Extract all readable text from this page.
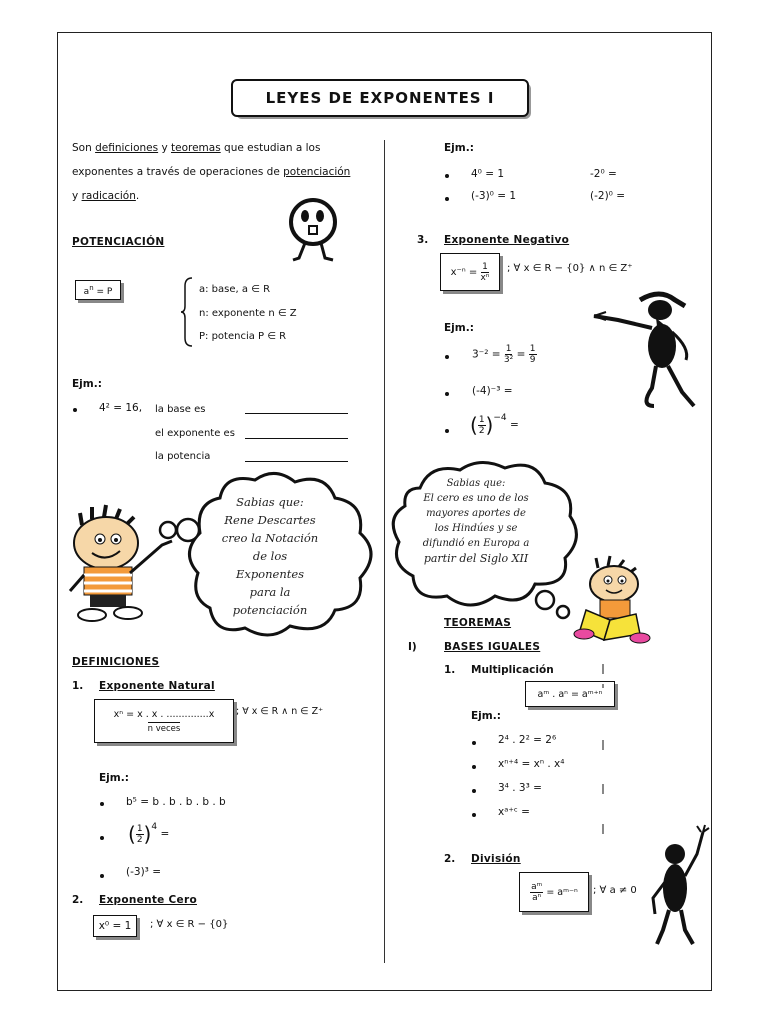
LEYES DE EXPONENTES I
Son definiciones y teoremas que estudian a los
exponentes a través de operaciones de potenciación
y radicación.
POTENCIACIÓN
$a^n = P$	a: base, a ∈ R
n: exponente n ∈ Z
P: potencia P ∈ R
Ejm.:
4² = 16, la base es
el exponente es
la potencia
Sabias que:
Rene Descartes
creo la Notación
de los
Exponentes
para la
DEFINICIONES
1. Exponente Natural
xⁿ = x . x . ..............x
n veces
; ∀ x ∈ R ∧ n ∈ Z⁺
Ejm.:
b⁵ = b . b . b . b . b
( $\frac{1}{2} )^4$ =
(-3)³ =
2. Exponente Cero
x⁰ = 1	; ∀ x ∈ R − {0}
Ejm.:
4⁰ = 1	-2⁰ =
(-3)⁰ = 1	(-2)⁰ =
3. Exponente Negativo
x⁻ⁿ =
$\frac{1}{\text{xⁿ}}$ ; ∀ x ∈ R − {0} ∧ n ∈ Z⁺
Ejm.:
$3^{-2} = \frac{1}{\text{3²}} = \frac{1}{9}$
(-4)⁻³ =
( $\frac{1}{2} )^{-4}$ =
Sabias que:
El cero es uno de los
mayores aportes de
los Hindúes y se
difundió en Europa a
partir del Siglo XII
TEOREMAS
I)	BASES IGUALES
1. Multiplicación
aᵐ . aⁿ = aᵐ⁺ⁿ
Ejm.:
2⁴ . 2² = 2⁶
xⁿ⁺⁴ = xⁿ . x⁴
3⁴ . 3³ =
xᵃ⁺ᶜ =
2. División
$\frac{\text{aᵐ}}{\text{aⁿ}}$
= aᵐ⁻ⁿ ; ∀ a ≠ 0
